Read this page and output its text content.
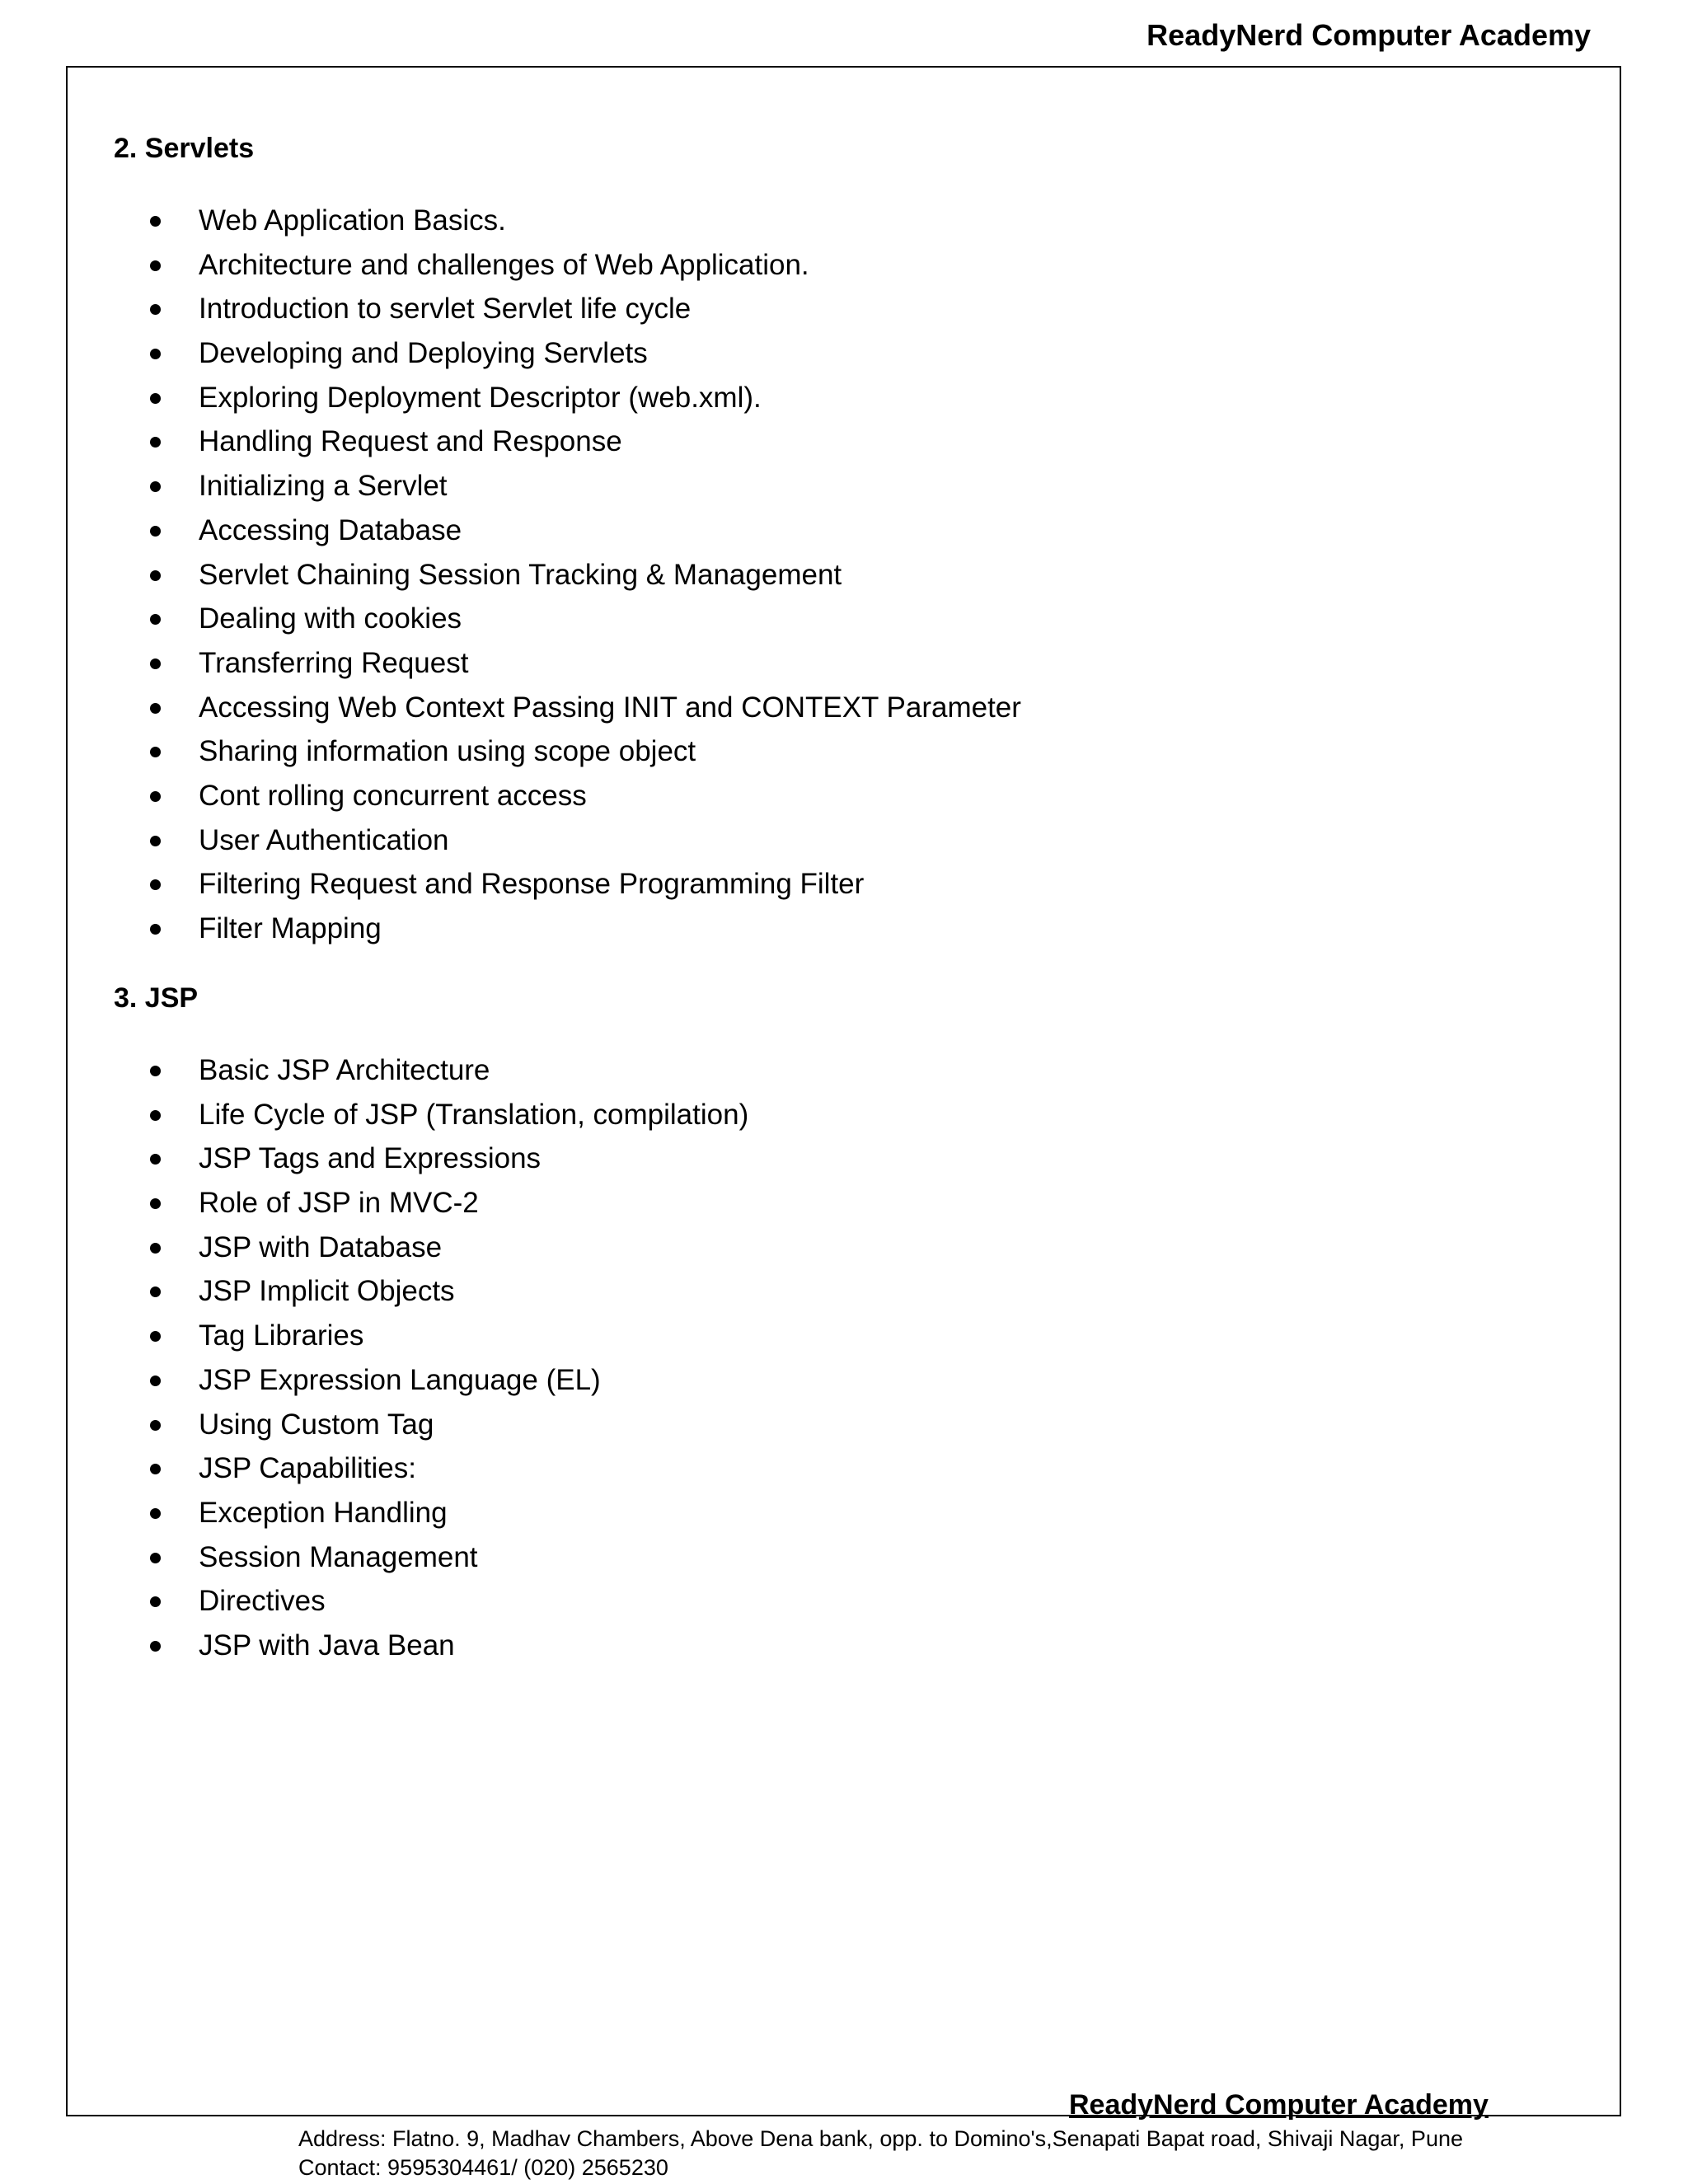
ReadyNerd Computer Academy
2. Servlets
Web Application Basics.
Architecture and challenges of Web Application.
Introduction to servlet Servlet life cycle
Developing and Deploying Servlets
Exploring Deployment Descriptor (web.xml).
Handling Request and Response
Initializing a Servlet
Accessing Database
Servlet Chaining Session Tracking & Management
Dealing with cookies
Transferring Request
Accessing Web Context Passing INIT and CONTEXT Parameter
Sharing information using scope object
Cont rolling concurrent access
User Authentication
Filtering Request and Response Programming Filter
Filter Mapping
3. JSP
Basic JSP Architecture
Life Cycle of JSP (Translation, compilation)
JSP Tags and Expressions
Role of JSP in MVC-2
JSP with Database
JSP Implicit Objects
Tag Libraries
JSP Expression Language (EL)
Using Custom Tag
JSP Capabilities:
Exception Handling
Session Management
Directives
JSP with Java Bean
ReadyNerd Computer Academy
Address: Flatno. 9, Madhav Chambers, Above Dena bank, opp. to Domino's,Senapati Bapat road, Shivaji Nagar, Pune
Contact: 9595304461/ (020) 2565230
